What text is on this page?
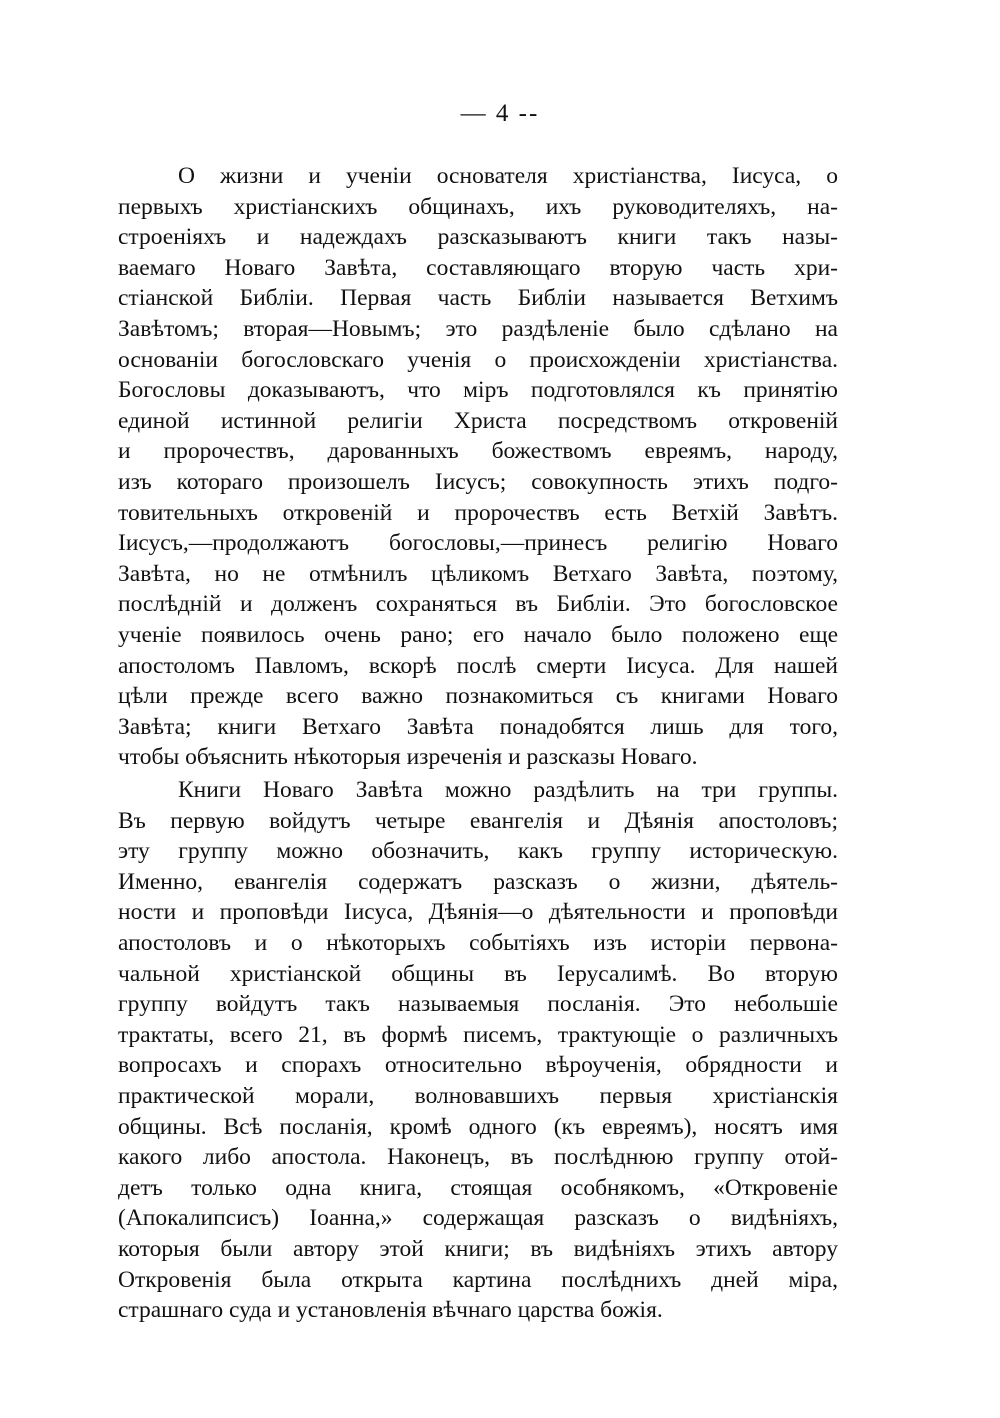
— 4 --
О жизни и ученіи основателя христіанства, Іисуса, о
первыхъ христіанскихъ общинахъ, ихъ руководителяхъ, на-
строеніяхъ и надеждахъ разсказываютъ книги такъ назы-
ваемаго Новаго Завѣта, составляющаго вторую часть хри-
стіанской Библіи. Первая часть Библіи называется Ветхимъ
Завѣтомъ; вторая—Новымъ; это раздѣленіе было сдѣлано на
основаніи богословскаго ученія о происхожденіи христіанства.
Богословы доказываютъ, что міръ подготовлялся къ принятію
единой истинной религіи Христа посредствомъ откровеній
и пророчествъ, дарованныхъ божествомъ евреямъ, народу,
изъ котораго произошелъ Іисусъ; совокупность этихъ подго-
товительныхъ откровеній и пророчествъ есть Ветхій Завѣтъ.
Іисусъ,—продолжаютъ богословы,—принесъ религію Новаго
Завѣта, но не отмѣнилъ цѣликомъ Ветхаго Завѣта, поэтому,
послѣдній и долженъ сохраняться въ Библіи. Это богословское
ученіе появилось очень рано; его начало было положено еще
апостоломъ Павломъ, вскорѣ послѣ смерти Іисуса. Для нашей
цѣли прежде всего важно познакомиться съ книгами Новаго
Завѣта; книги Ветхаго Завѣта понадобятся лишь для того,
чтобы объяснить нѣкоторыя изреченія и разсказы Новаго.
Книги Новаго Завѣта можно раздѣлить на три группы.
Въ первую войдутъ четыре евангелія и Дѣянія апостоловъ;
эту группу можно обозначить, какъ группу историческую.
Именно, евангелія содержатъ разсказъ о жизни, дѣятель-
ности и проповѣди Іисуса, Дѣянія—о дѣятельности и проповѣди
апостоловъ и о нѣкоторыхъ событіяхъ изъ исторіи первона-
чальной христіанской общины въ Іерусалимѣ. Во вторую
группу войдутъ такъ называемыя посланія. Это небольшіе
трактаты, всего 21, въ формѣ писемъ, трактующіе о различныхъ
вопросахъ и спорахъ относительно вѣроученія, обрядности и
практической морали, волновавшихъ первыя христіанскія
общины. Всѣ посланія, кромѣ одного (къ евреямъ), носятъ имя
какого либо апостола. Наконецъ, въ послѣднюю группу отой-
детъ только одна книга, стоящая особнякомъ, «Откровеніе
(Апокалипсисъ) Іоанна,» содержащая разсказъ о видѣніяхъ,
которыя были автору этой книги; въ видѣніяхъ этихъ автору
Откровенія была открыта картина послѣднихъ дней міра,
страшнаго суда и установленія вѣчнаго царства божія.
